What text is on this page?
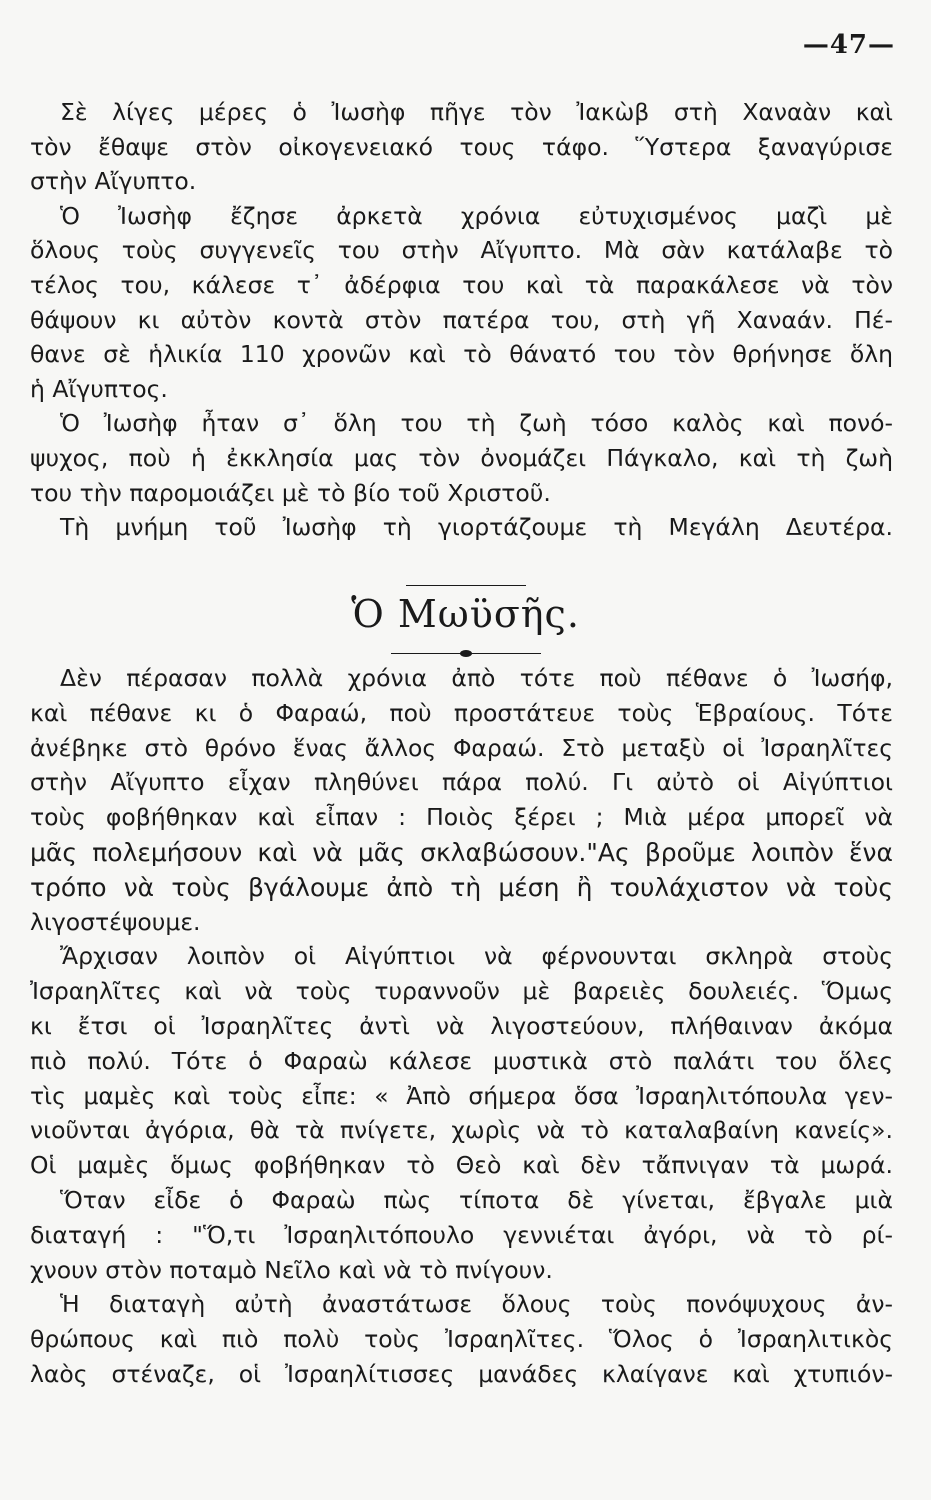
—47—
Σὲ λίγες μέρες ὁ Ἰωσὴφ πῆγε τὸν Ἰακὼβ στὴ Χαναὰν καὶ
τὸν ἔθαψε στὸν οἰκογενειακό τους τάφο. Ὕστερα ξαναγύρισε
στὴν Αἴγυπτο.
Ὁ Ἰωσὴφ ἔζησε ἀρκετὰ χρόνια εὐτυχισμένος μαζὶ μὲ
ὅλους τοὺς συγγενεῖς του στὴν Αἴγυπτο. Μὰ σὰν κατάλαβε τὸ
τέλος του, κάλεσε τ᾽ ἀδέρφια του καὶ τὰ παρακάλεσε νὰ τὸν
θάψουν κι αὐτὸν κοντὰ στὸν πατέρα του, στὴ γῆ Χαναάν. Πέ-
θανε σὲ ἡλικία 110 χρονῶν καὶ τὸ θάνατό του τὸν θρήνησε ὅλη
ἡ Αἴγυπτος.
Ὁ Ἰωσὴφ ἦταν σ᾽ ὅλη του τὴ ζωὴ τόσο καλὸς καὶ πονό-
ψυχος, ποὺ ἡ ἐκκλησία μας τὸν ὀνομάζει Πάγκαλο, καὶ τὴ ζωὴ
του τὴν παρομοιάζει μὲ τὸ βίο τοῦ Χριστοῦ.
Τὴ μνήμη τοῦ Ἰωσὴφ τὴ γιορτάζουμε τὴ Μεγάλη Δευτέρα.
Ὁ Μωϋσῆς.
Δὲν πέρασαν πολλὰ χρόνια ἀπὸ τότε ποὺ πέθανε ὁ Ἰωσήφ,
καὶ πέθανε κι ὁ Φαραώ, ποὺ προστάτευε τοὺς Ἑβραίους. Τότε
ἀνέβηκε στὸ θρόνο ἕνας ἄλλος Φαραώ. Στὸ μεταξὺ οἱ Ἰσραηλῖτες
στὴν Αἴγυπτο εἶχαν πληθύνει πάρα πολύ. Γι αὐτὸ οἱ Αἰγύπτιοι
τοὺς φοβήθηκαν καὶ εἶπαν : Ποιὸς ξέρει ; Μιὰ μέρα μπορεῖ νὰ
μᾶς πολεμήσουν καὶ νὰ μᾶς σκλαβώσουν."Ας βροῦμε λοιπὸν ἕνα
τρόπο νὰ τοὺς βγάλουμε ἀπὸ τὴ μέση ἢ τουλάχιστον νὰ τοὺς
λιγοστέψουμε.
Ἄρχισαν λοιπὸν οἱ Αἰγύπτιοι νὰ φέρνουνται σκληρὰ στοὺς
Ἰσραηλῖτες καὶ νὰ τοὺς τυραννοῦν μὲ βαρειὲς δουλειές. Ὅμως
κι ἔτσι οἱ Ἰσραηλῖτες ἀντὶ νὰ λιγοστεύουν, πλήθαιναν ἀκόμα
πιὸ πολύ. Τότε ὁ Φαραὼ κάλεσε μυστικὰ στὸ παλάτι του ὅλες
τὶς μαμὲς καὶ τοὺς εἶπε: « Ἀπὸ σήμερα ὅσα Ἰσραηλιτόπουλα γεν-
νιοῦνται ἀγόρια, θὰ τὰ πνίγετε, χωρὶς νὰ τὸ καταλαβαίνη κανείς».
Οἱ μαμὲς ὅμως φοβήθηκαν τὸ Θεὸ καὶ δὲν τἄπνιγαν τὰ μωρά.
Ὅταν εἶδε ὁ Φαραὼ πὼς τίποτα δὲ γίνεται, ἔβγαλε μιὰ
διαταγή : "Ὅ,τι Ἰσραηλιτόπουλο γεννιέται ἀγόρι, νὰ τὸ ρί-
χνουν στὸν ποταμὸ Νεῖλο καὶ νὰ τὸ πνίγουν.
Ἡ διαταγὴ αὐτὴ ἀναστάτωσε ὅλους τοὺς πονόψυχους ἀν-
θρώπους καὶ πιὸ πολὺ τοὺς Ἰσραηλῖτες. Ὅλος ὁ Ἰσραηλιτικὸς
λαὸς στέναζε, οἱ Ἰσραηλίτισσες μανάδες κλαίγανε καὶ χτυπιόν-
